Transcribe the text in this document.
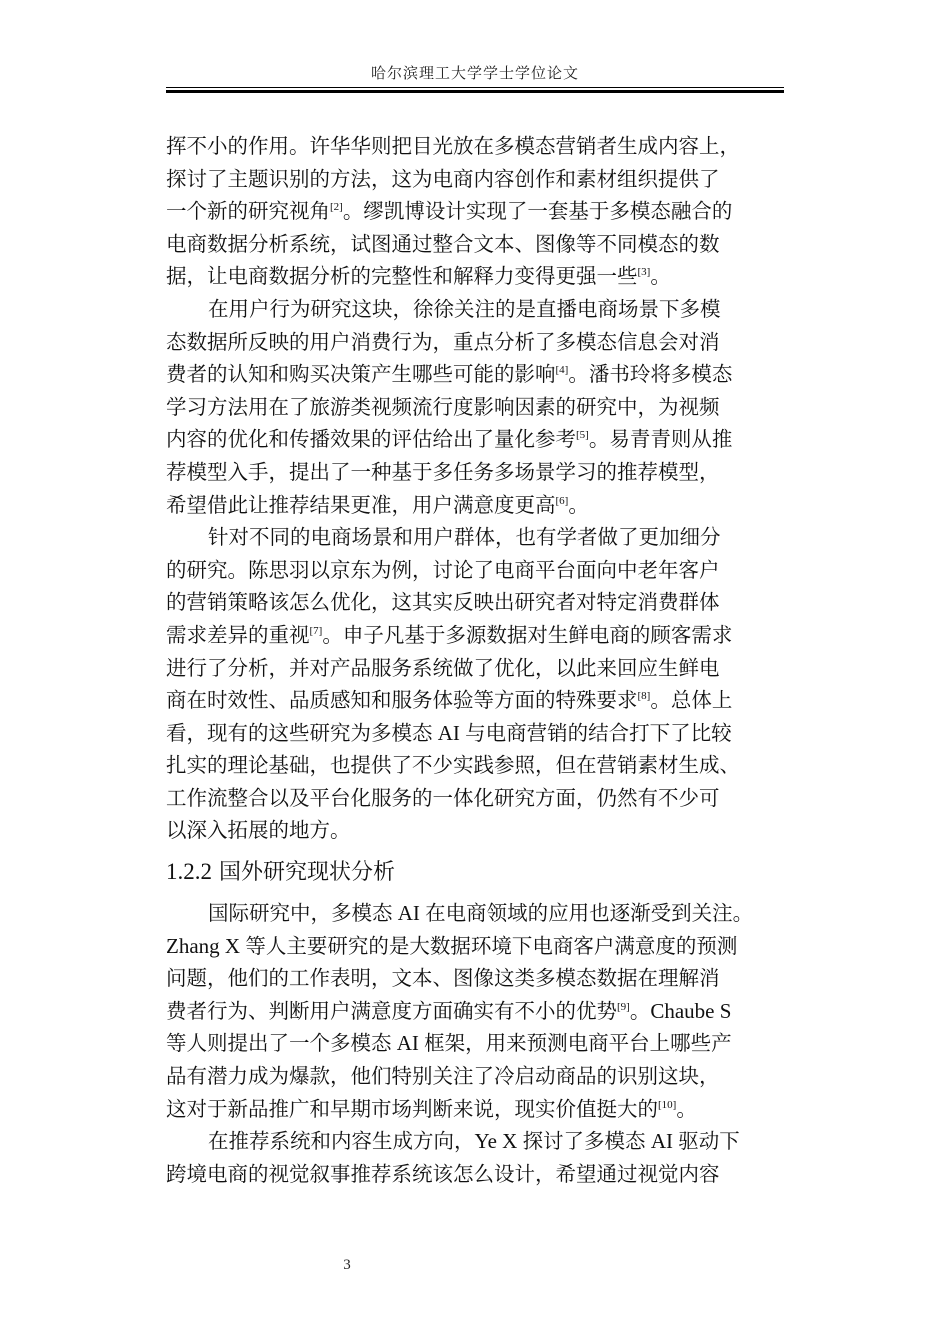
哈尔滨理工大学学士学位论文
挥不小的作用。许华华则把目光放在多模态营销者生成内容上，
探讨了主题识别的方法，这为电商内容创作和素材组织提供了
一个新的研究视角[2]。缪凯博设计实现了一套基于多模态融合的
电商数据分析系统，试图通过整合文本、图像等不同模态的数
据，让电商数据分析的完整性和解释力变得更强一些[3]。
在用户行为研究这块，徐徐关注的是直播电商场景下多模
态数据所反映的用户消费行为，重点分析了多模态信息会对消
费者的认知和购买决策产生哪些可能的影响[4]。潘书玲将多模态
学习方法用在了旅游类视频流行度影响因素的研究中，为视频
内容的优化和传播效果的评估给出了量化参考[5]。易青青则从推
荐模型入手，提出了一种基于多任务多场景学习的推荐模型，
希望借此让推荐结果更准，用户满意度更高[6]。
针对不同的电商场景和用户群体，也有学者做了更加细分
的研究。陈思羽以京东为例，讨论了电商平台面向中老年客户
的营销策略该怎么优化，这其实反映出研究者对特定消费群体
需求差异的重视[7]。申子凡基于多源数据对生鲜电商的顾客需求
进行了分析，并对产品服务系统做了优化，以此来回应生鲜电
商在时效性、品质感知和服务体验等方面的特殊要求[8]。总体上
看，现有的这些研究为多模态 AI 与电商营销的结合打下了比较
扎实的理论基础，也提供了不少实践参照，但在营销素材生成、
工作流整合以及平台化服务的一体化研究方面，仍然有不少可
以深入拓展的地方。
1.2.2 国外研究现状分析
国际研究中，多模态 AI 在电商领域的应用也逐渐受到关注。
Zhang X 等人主要研究的是大数据环境下电商客户满意度的预测
问题，他们的工作表明，文本、图像这类多模态数据在理解消
费者行为、判断用户满意度方面确实有不小的优势[9]。Chaube S
等人则提出了一个多模态 AI 框架，用来预测电商平台上哪些产
品有潜力成为爆款，他们特别关注了冷启动商品的识别这块，
这对于新品推广和早期市场判断来说，现实价值挺大的[10]。
在推荐系统和内容生成方向，Ye X 探讨了多模态 AI 驱动下
跨境电商的视觉叙事推荐系统该怎么设计，希望通过视觉内容
3
